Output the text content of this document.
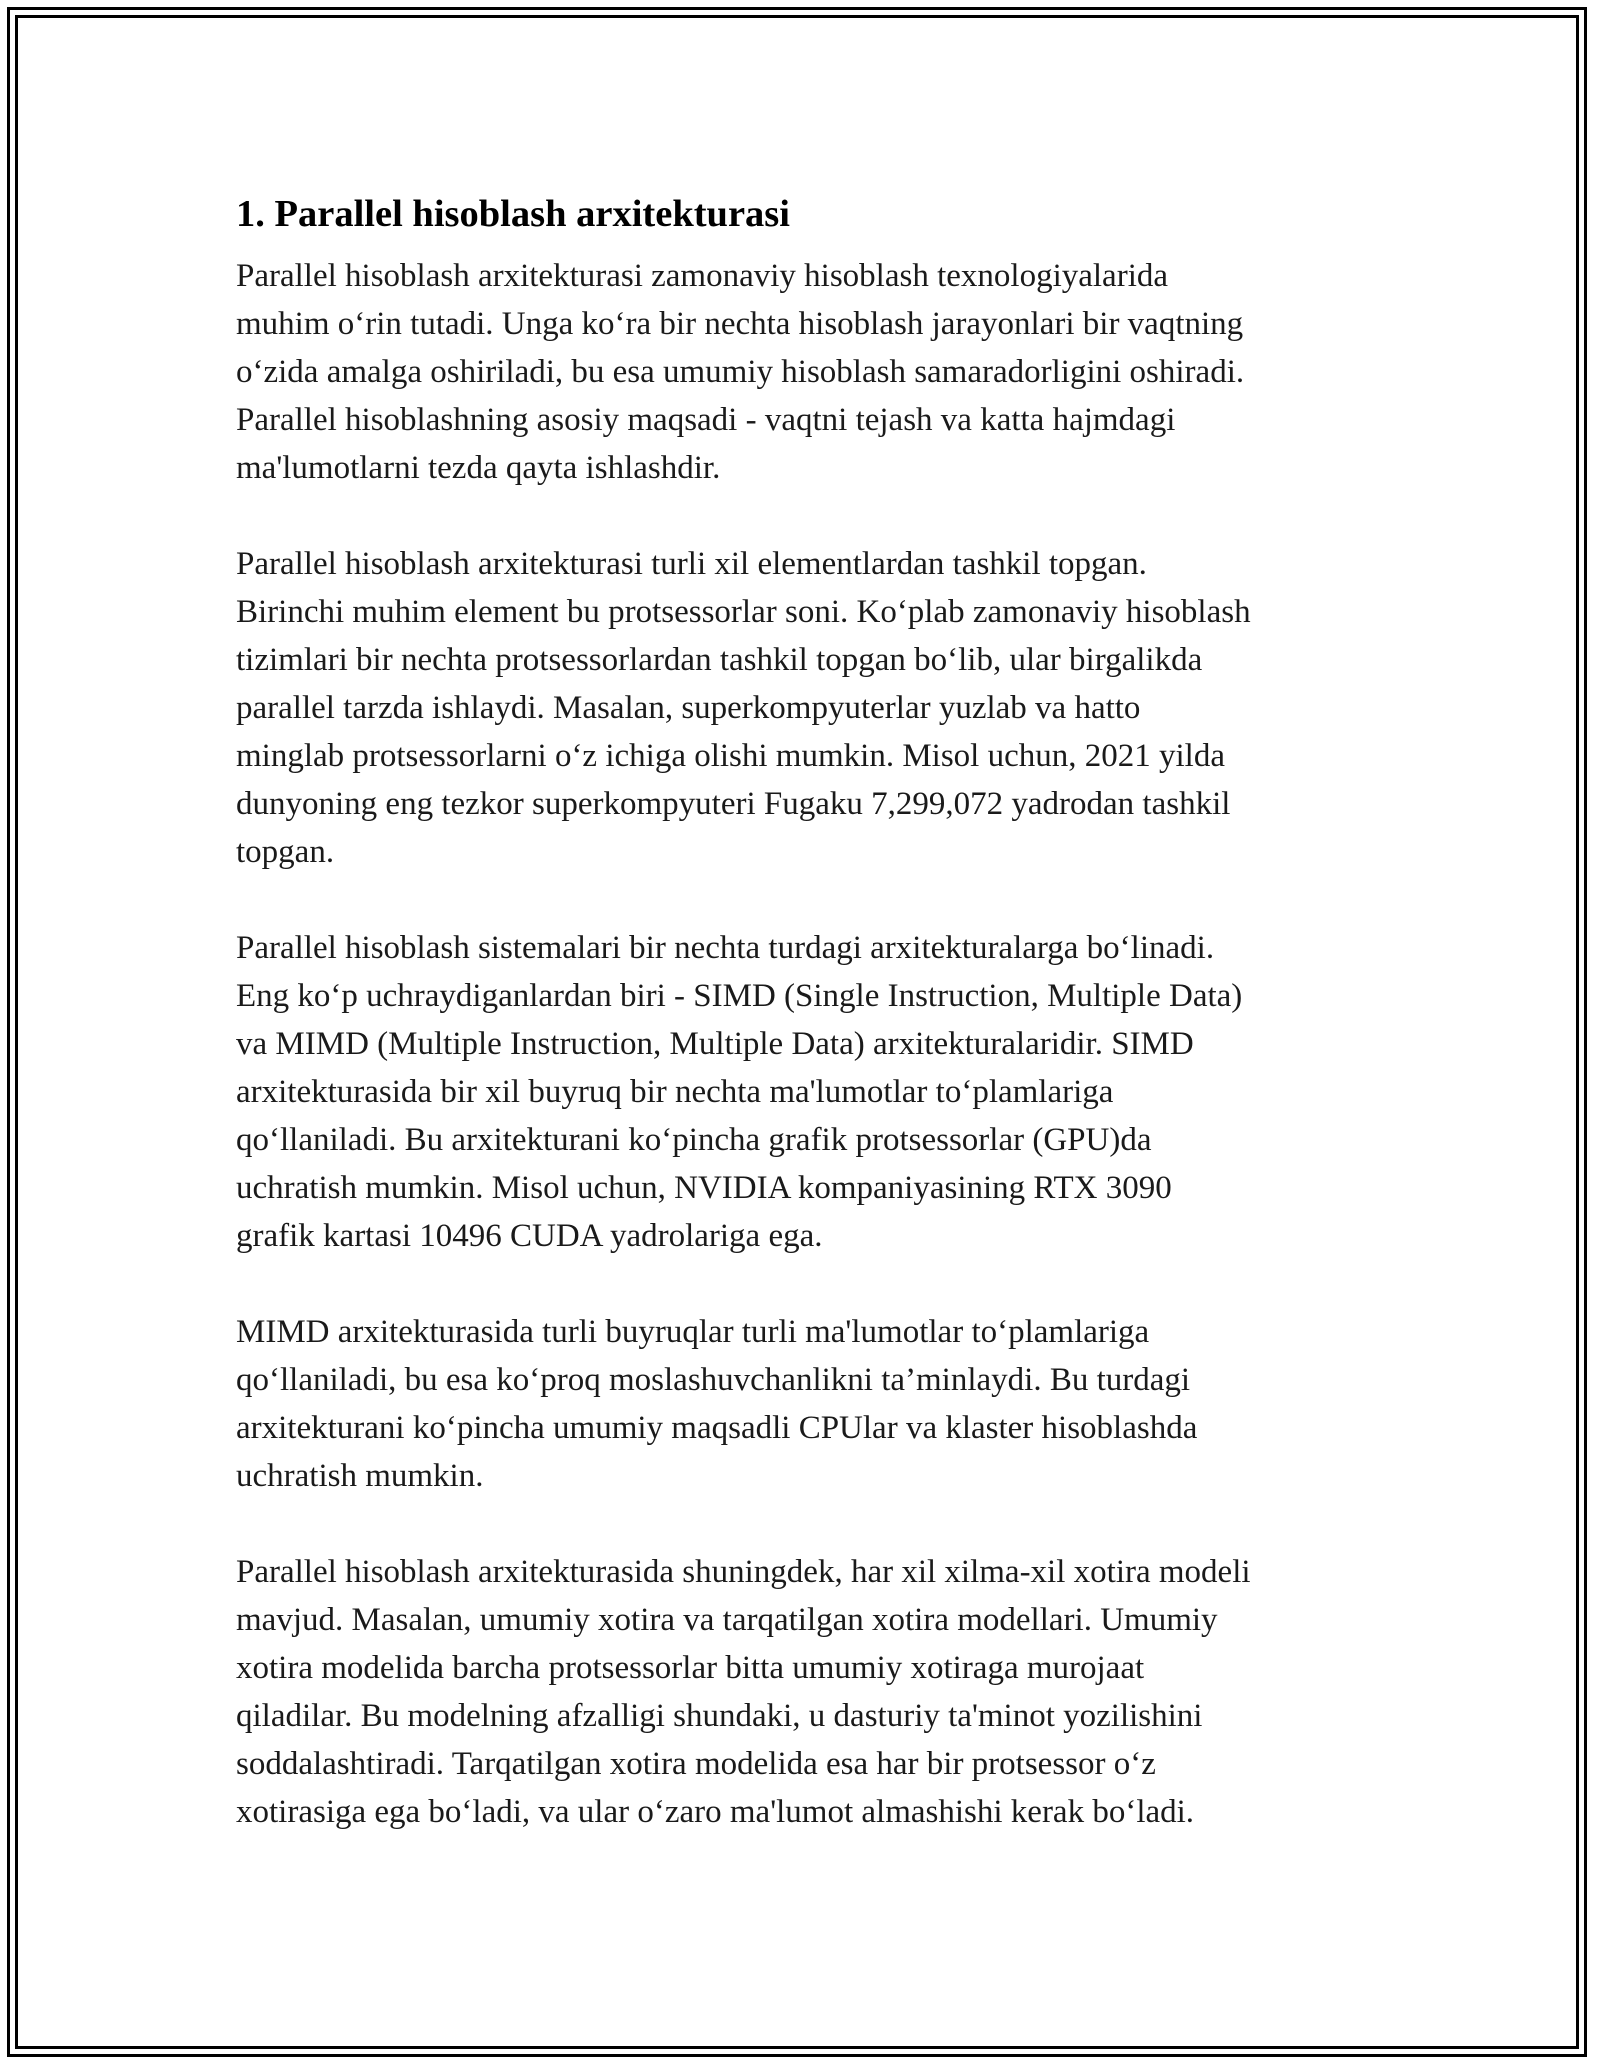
1. Parallel hisoblash arxitekturasi

Parallel hisoblash arxitekturasi zamonaviy hisoblash texnologiyalarida
muhim o‘rin tutadi. Unga ko‘ra bir nechta hisoblash jarayonlari bir vaqtning
o‘zida amalga oshiriladi, bu esa umumiy hisoblash samaradorligini oshiradi.
Parallel hisoblashning asosiy maqsadi - vaqtni tejash va katta hajmdagi
ma'lumotlarni tezda qayta ishlashdir.

Parallel hisoblash arxitekturasi turli xil elementlardan tashkil topgan.
Birinchi muhim element bu protsessorlar soni. Ko‘plab zamonaviy hisoblash
tizimlari bir nechta protsessorlardan tashkil topgan bo‘lib, ular birgalikda
parallel tarzda ishlaydi. Masalan, superkompyuterlar yuzlab va hatto
minglab protsessorlarni o‘z ichiga olishi mumkin. Misol uchun, 2021 yilda
dunyoning eng tezkor superkompyuteri Fugaku 7,299,072 yadrodan tashkil
topgan.

Parallel hisoblash sistemalari bir nechta turdagi arxitekturalarga bo‘linadi.
Eng ko‘p uchraydiganlardan biri - SIMD (Single Instruction, Multiple Data)
va MIMD (Multiple Instruction, Multiple Data) arxitekturalaridir. SIMD
arxitekturasida bir xil buyruq bir nechta ma'lumotlar to‘plamlariga
qo‘llaniladi. Bu arxitekturani ko‘pincha grafik protsessorlar (GPU)da
uchratish mumkin. Misol uchun, NVIDIA kompaniyasining RTX 3090
grafik kartasi 10496 CUDA yadrolariga ega.

MIMD arxitekturasida turli buyruqlar turli ma'lumotlar to‘plamlariga
qo‘llaniladi, bu esa ko‘proq moslashuvchanlikni ta’minlaydi. Bu turdagi
arxitekturani ko‘pincha umumiy maqsadli CPUlar va klaster hisoblashda
uchratish mumkin.

Parallel hisoblash arxitekturasida shuningdek, har xil xilma-xil xotira modeli
mavjud. Masalan, umumiy xotira va tarqatilgan xotira modellari. Umumiy
xotira modelida barcha protsessorlar bitta umumiy xotiraga murojaat
qiladilar. Bu modelning afzalligi shundaki, u dasturiy ta'minot yozilishini
soddalashtiradi. Tarqatilgan xotira modelida esa har bir protsessor o‘z
xotirasiga ega bo‘ladi, va ular o‘zaro ma'lumot almashishi kerak bo‘ladi.
